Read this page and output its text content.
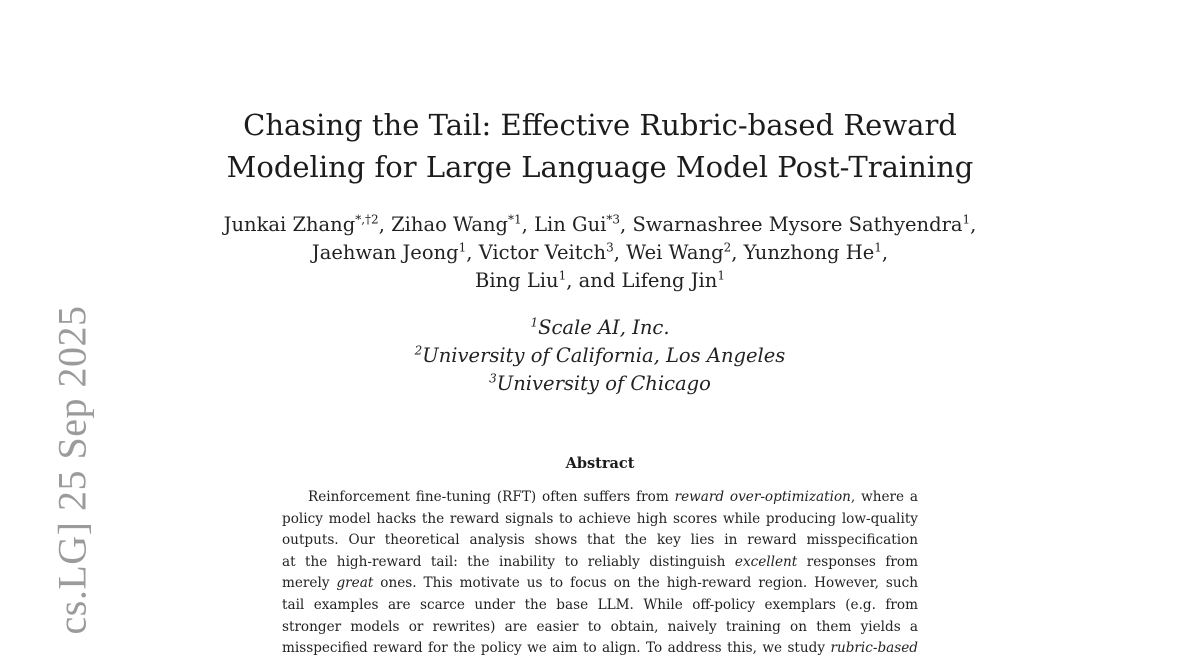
cs.LG] 25 Sep 2025
Chasing the Tail: Effective Rubric-based Reward
Modeling for Large Language Model Post-Training
Junkai Zhang$^{*,\dagger 2}$, Zihao Wang$^{*1}$, Lin Gui$^{*3}$, Swarnashree Mysore Sathyendra$^1$, Jaehwan Jeong$^1$, Victor Veitch$^3$, Wei Wang$^2$, Yunzhong He$^1$,
Bing Liu$^1$, and Lifeng Jin$^1$
$^1$Scale AI, Inc.
$^2$University of California, Los Angeles
$^3$University of Chicago
Abstract
Reinforcement fine-tuning (RFT) often suffers from reward over-optimization, where a
policy model hacks the reward signals to achieve high scores while producing low-quality
outputs. Our theoretical analysis shows that the key lies in reward misspecification
at the high-reward tail: the inability to reliably distinguish excellent responses from
merely great ones. This motivate us to focus on the high-reward region. However, such
tail examples are scarce under the base LLM. While off-policy exemplars (e.g. from
stronger models or rewrites) are easier to obtain, naively training on them yields a
misspecified reward for the policy we aim to align. To address this, we study rubric-based
